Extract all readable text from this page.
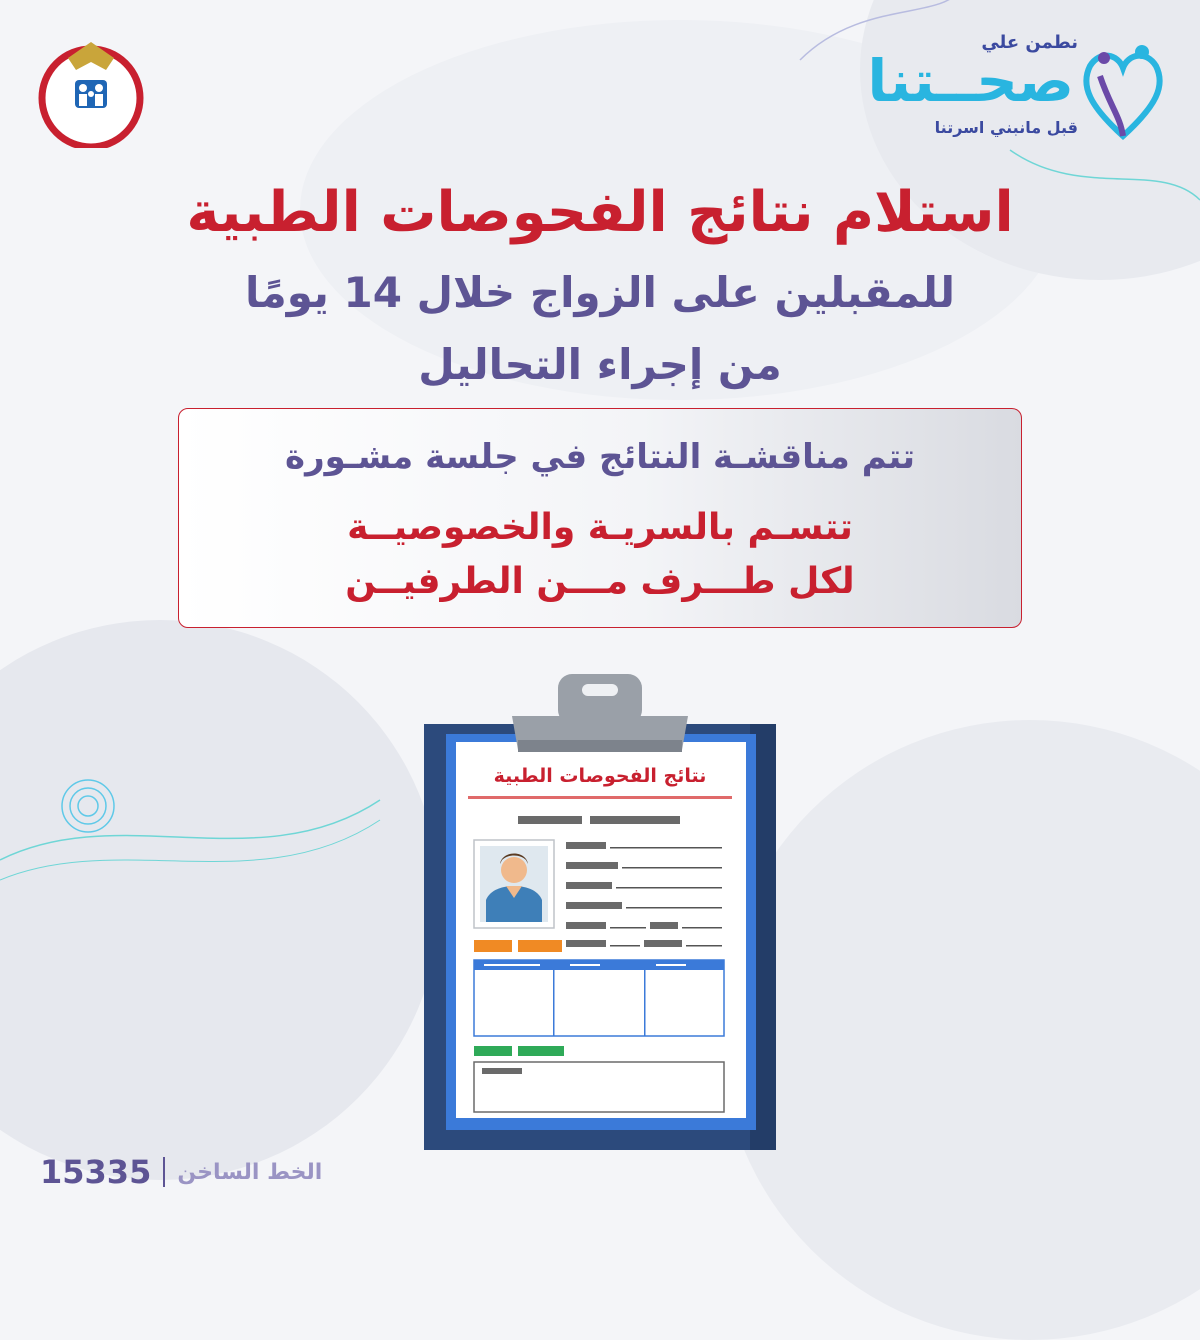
نطمن علي
صحــتنا
قبل مانبني اسرتنا
استلام نتائج الفحوصات الطبية
للمقبلين على الزواج خلال 14 يومًا
من إجراء التحاليل
تتم مناقشـة النتائج في جلسة مشـورة
تتسـم بالسريـة والخصوصيــة
لكل طـــرف مـــن الطرفيــن
نتائج الفحوصات الطبية
15335 الخط الساخن
